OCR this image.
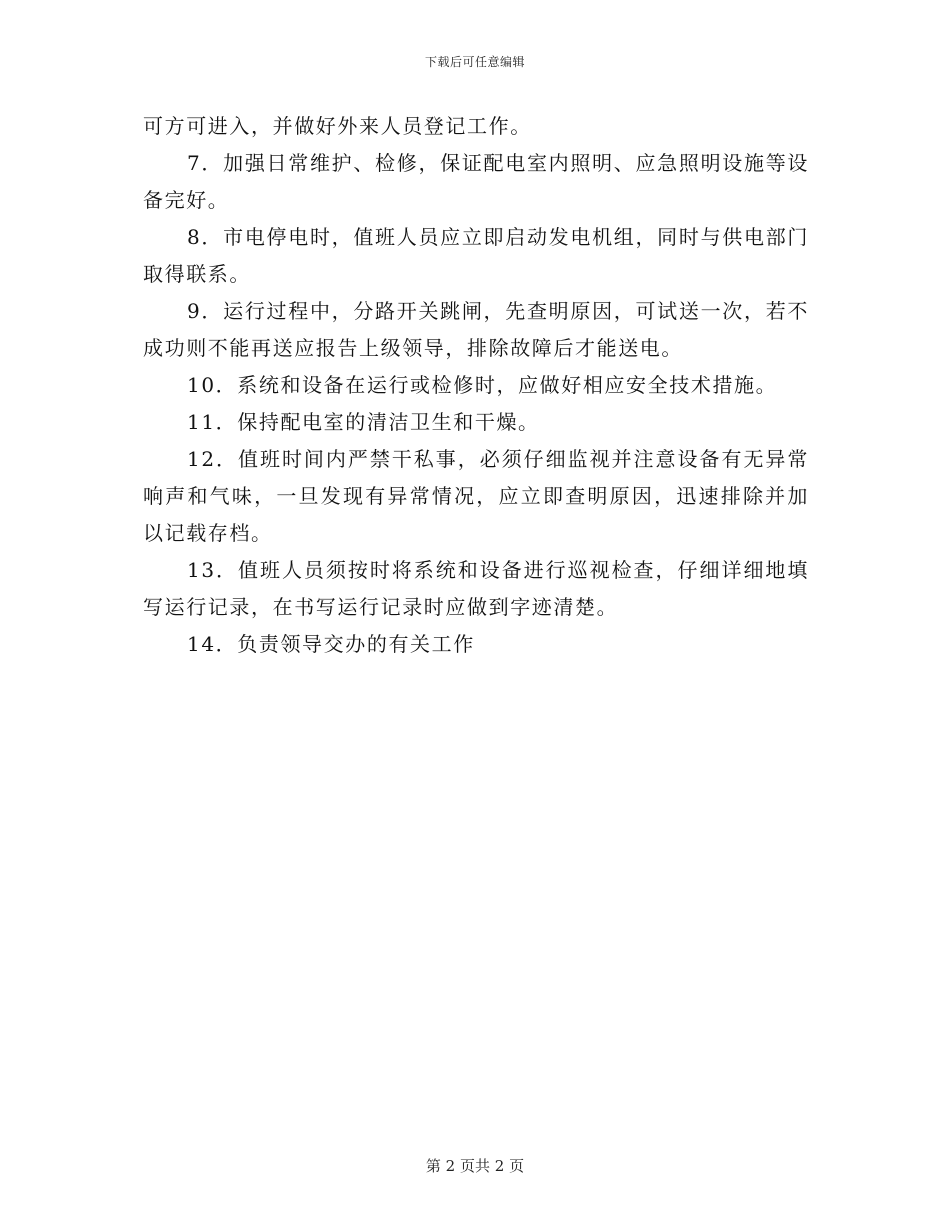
下载后可任意编辑

可方可进入，并做好外来人员登记工作。

7．加强日常维护、检修，保证配电室内照明、应急照明设施等设备完好。

8．市电停电时，值班人员应立即启动发电机组，同时与供电部门取得联系。

9．运行过程中，分路开关跳闸，先查明原因，可试送一次，若不成功则不能再送应报告上级领导，排除故障后才能送电。

10．系统和设备在运行或检修时，应做好相应安全技术措施。

11．保持配电室的清洁卫生和干燥。

12．值班时间内严禁干私事，必须仔细监视并注意设备有无异常响声和气味，一旦发现有异常情况，应立即查明原因，迅速排除并加以记载存档。

13．值班人员须按时将系统和设备进行巡视检查，仔细详细地填写运行记录，在书写运行记录时应做到字迹清楚。

14．负责领导交办的有关工作

第 2 页共 2 页
